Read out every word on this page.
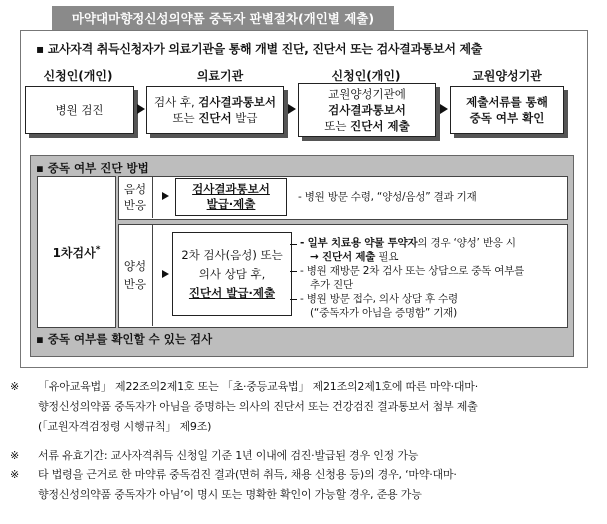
마약대마향정신성의약품 중독자 판별절차(개인별 제출)
▪ 교사자격 취득신청자가 의료기관을 통해 개별 진단, 진단서 또는 검사결과통보서 제출
신청인(개인)	의료기관	신청인(개인)	교원양성기관
병원 검진
검사 후, 검사결과통보서
또는 진단서 발급
교원양성기관에
검사결과통보서
또는 진단서 제출
제출서류를 통해
중독 여부 확인
▪ 중독 여부 진단 방법
1차검사*
음성
반응
검사결과통보서
발급·제출	- 병원 방문 수령, “양성/음성” 결과 기재
양성
반응
2차 검사(음성) 또는
의사 상담 후,
진단서 발급·제출
- 일부 치료용 약물 투약자의 경우 ‘양성’ 반응 시
→ 진단서 제출 필요
- 병원 재방문 2차 검사 또는 상담으로 중독 여부를
추가 진단
- 병원 방문 접수, 의사 상담 후 수령
(“중독자가 아님을 증명함” 기재)
▪ 중독 여부를 확인할 수 있는 검사
※ 「유아교육법」 제22조의2제1호 또는 「초·중등교육법」 제21조의2제1호에 따른 마약·대마·
향정신성의약품 중독자가 아님을 증명하는 의사의 진단서 또는 건강검진 결과통보서 첨부 제출
(「교원자격검정령 시행규칙」 제9조)
※ 서류 유효기간: 교사자격취득 신청일 기준 1년 이내에 검진·발급된 경우 인정 가능
※ 타 법령을 근거로 한 마약류 중독검진 결과(면허 취득, 채용 신청용 등)의 경우, ‘마약·대마·
향정신성의약품 중독자가 아님’이 명시 또는 명확한 확인이 가능할 경우, 준용 가능
